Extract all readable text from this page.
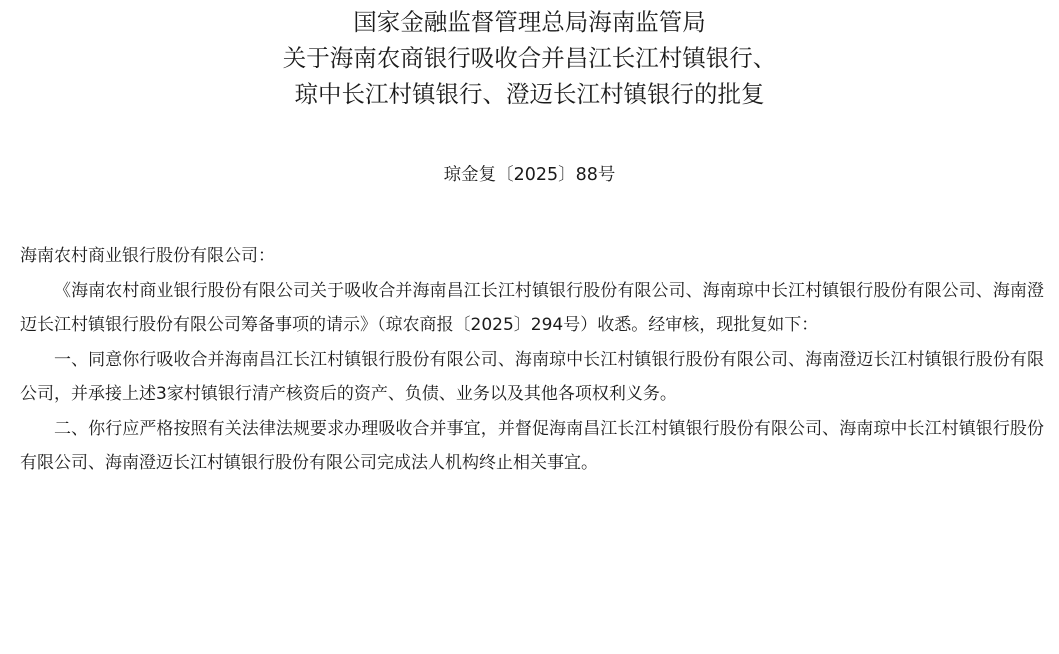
国家金融监督管理总局海南监管局
关于海南农商银行吸收合并昌江长江村镇银行、
琼中长江村镇银行、澄迈长江村镇银行的批复
琼金复〔2025〕88号

海南农村商业银行股份有限公司：

《海南农村商业银行股份有限公司关于吸收合并海南昌江长江村镇银行股份有限公司、海南琼中长江村镇银行股份有限公司、海南澄迈长江村镇银行股份有限公司筹备事项的请示》（琼农商报〔2025〕294号）收悉。经审核，现批复如下：

一、同意你行吸收合并海南昌江长江村镇银行股份有限公司、海南琼中长江村镇银行股份有限公司、海南澄迈长江村镇银行股份有限公司，并承接上述3家村镇银行清产核资后的资产、负债、业务以及其他各项权利义务。

二、你行应严格按照有关法律法规要求办理吸收合并事宜，并督促海南昌江长江村镇银行股份有限公司、海南琼中长江村镇银行股份有限公司、海南澄迈长江村镇银行股份有限公司完成法人机构终止相关事宜。
